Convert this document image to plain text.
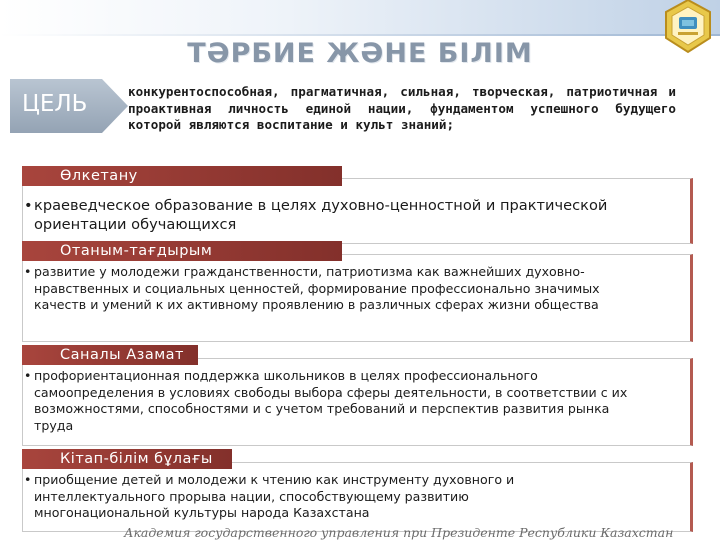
ТӘРБИЕ ЖӘНЕ БІЛІМ
ЦЕЛЬ	конкурентоспособная, прагматичная, сильная, творческая, патриотичная и проактивная личность единой нации, фундаментом успешного будущего которой являются воспитание и культ знаний;
Өлкетану
• краеведческое образование в целях духовно-ценностной и практической ориентации обучающихся
Отаным-тағдырым
• развитие у молодежи гражданственности, патриотизма как важнейших духовно-нравственных и социальных ценностей, формирование профессионально значимых качеств и умений к их активному проявлению в различных сферах жизни общества
Саналы Азамат
• профориентационная поддержка школьников в целях профессионального самоопределения в условиях свободы выбора сферы деятельности, в соответствии с их возможностями, способностями и с учетом требований и перспектив развития рынка труда
Кітап-білім бұлағы
• приобщение детей и молодежи к чтению как инструменту духовного и интеллектуального прорыва нации, способствующему развитию многонациональной культуры народа Казахстана
Академия государственного управления при Президенте Республики Казахстан
